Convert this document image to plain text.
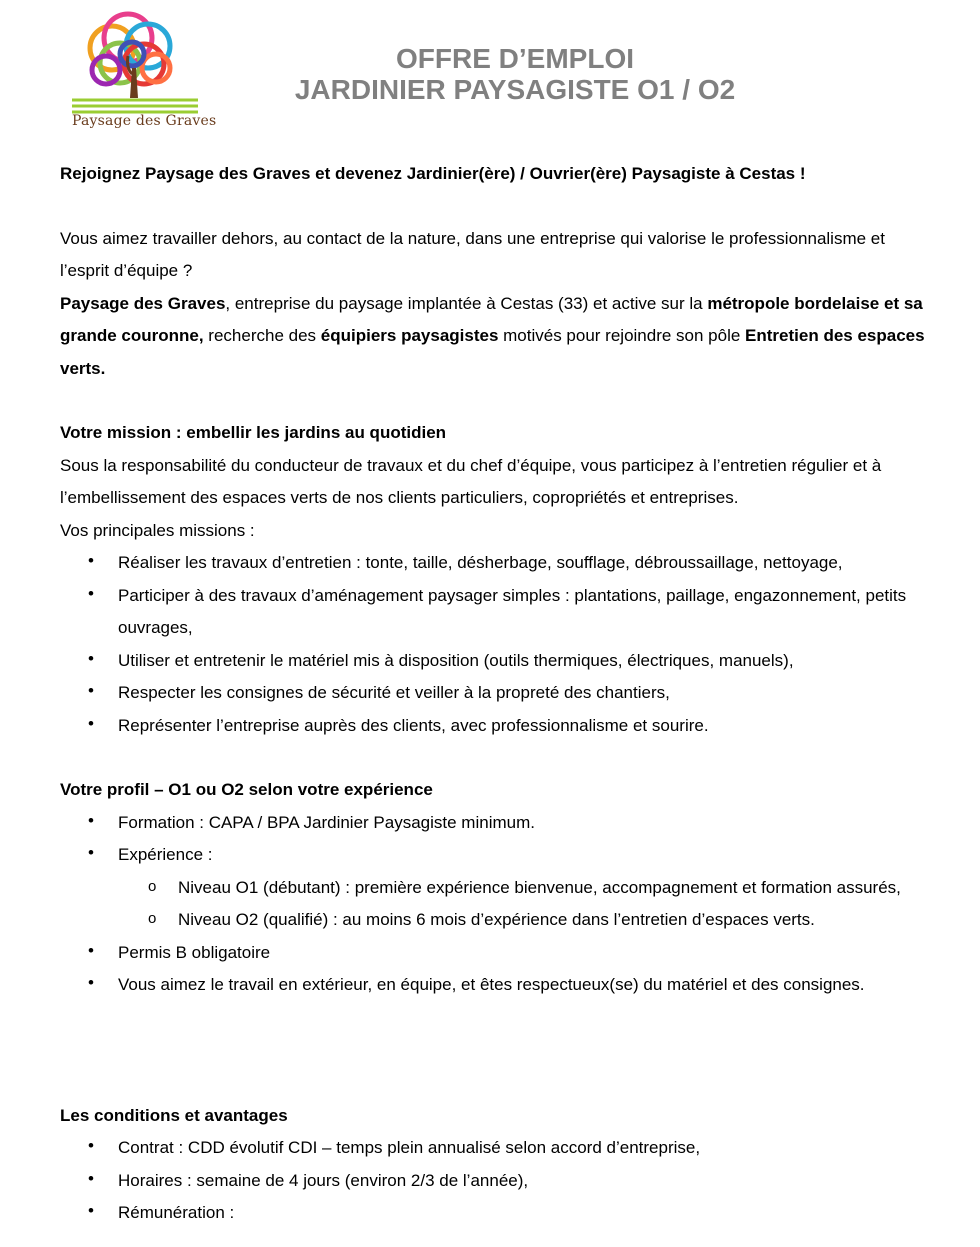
Paysage des Graves
OFFRE D’EMPLOI
JARDINIER PAYSAGISTE O1 / O2

Rejoignez Paysage des Graves et devenez Jardinier(ère) / Ouvrier(ère) Paysagiste à Cestas !

Vous aimez travailler dehors, au contact de la nature, dans une entreprise qui valorise le professionnalisme et l’esprit d’équipe ?

Paysage des Graves, entreprise du paysage implantée à Cestas (33) et active sur la métropole bordelaise et sa grande couronne, recherche des équipiers paysagistes motivés pour rejoindre son pôle Entretien des espaces verts.

Votre mission : embellir les jardins au quotidien

Sous la responsabilité du conducteur de travaux et du chef d’équipe, vous participez à l’entretien régulier et à l’embellissement des espaces verts de nos clients particuliers, copropriétés et entreprises.

Vos principales missions :

• Réaliser les travaux d’entretien : tonte, taille, désherbage, soufflage, débroussaillage, nettoyage,
• Participer à des travaux d’aménagement paysager simples : plantations, paillage, engazonnement, petits ouvrages,
• Utiliser et entretenir le matériel mis à disposition (outils thermiques, électriques, manuels),
• Respecter les consignes de sécurité et veiller à la propreté des chantiers,
• Représenter l’entreprise auprès des clients, avec professionnalisme et sourire.

Votre profil – O1 ou O2 selon votre expérience

• Formation : CAPA / BPA Jardinier Paysagiste minimum.
• Expérience :
o Niveau O1 (débutant) : première expérience bienvenue, accompagnement et formation assurés,
o Niveau O2 (qualifié) : au moins 6 mois d’expérience dans l’entretien d’espaces verts.
• Permis B obligatoire
• Vous aimez le travail en extérieur, en équipe, et êtes respectueux(se) du matériel et des consignes.

Les conditions et avantages

• Contrat : CDD évolutif CDI – temps plein annualisé selon accord d’entreprise,
• Horaires : semaine de 4 jours (environ 2/3 de l’année),
• Rémunération :
